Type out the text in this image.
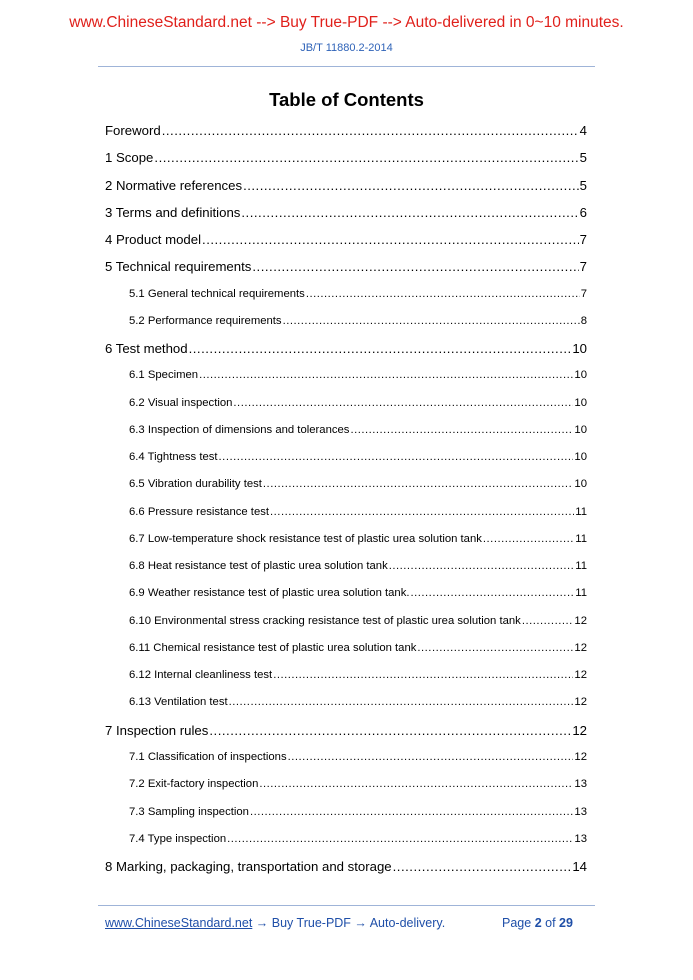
www.ChineseStandard.net --> Buy True-PDF --> Auto-delivered in 0~10 minutes.
JB/T 11880.2-2014
Table of Contents
Foreword .....	4
1 Scope .....	5
2 Normative references .....	5
3 Terms and definitions .....	6
4 Product model .....	7
5 Technical requirements .....	7
5.1 General technical requirements .....	7
5.2 Performance requirements .....	8
6 Test method .....	10
6.1 Specimen .....	10
6.2 Visual inspection .....	10
6.3 Inspection of dimensions and tolerances .....	10
6.4 Tightness test .....	10
6.5 Vibration durability test .....	10
6.6 Pressure resistance test .....	11
6.7 Low-temperature shock resistance test of plastic urea solution tank .....	11
6.8 Heat resistance test of plastic urea solution tank .....	11
6.9 Weather resistance test of plastic urea solution tank. .....	11
6.10 Environmental stress cracking resistance test of plastic urea solution tank .....	12
6.11 Chemical resistance test of plastic urea solution tank .....	12
6.12 Internal cleanliness test .....	12
6.13 Ventilation test .....	12
7 Inspection rules .....	12
7.1 Classification of inspections .....	12
7.2 Exit-factory inspection .....	13
7.3 Sampling inspection .....	13
7.4 Type inspection .....	13
8 Marking, packaging, transportation and storage .....	14
www.ChineseStandard.net → Buy True-PDF → Auto-delivery.	Page 2 of 29
